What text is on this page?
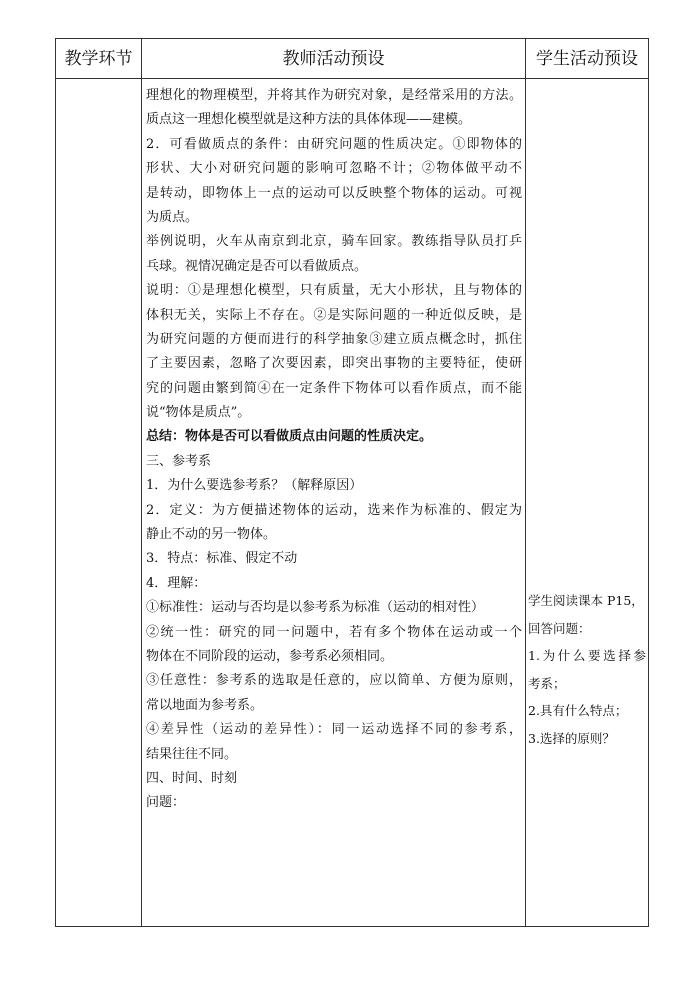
教学环节	教师活动预设	学生活动预设
理想化的物理模型，并将其作为研究对象，是经常采用的方法。
质点这一理想化模型就是这种方法的具体体现——建模。
2．可看做质点的条件：由研究问题的性质决定。①即物体的
形状、大小对研究问题的影响可忽略不计；②物体做平动不
是转动，即物体上一点的运动可以反映整个物体的运动。可视
为质点。
举例说明，火车从南京到北京，骑车回家。教练指导队员打乒
乓球。视情况确定是否可以看做质点。
说明：①是理想化模型，只有质量，无大小形状，且与物体的
体积无关，实际上不存在。②是实际问题的一种近似反映，是
为研究问题的方便而进行的科学抽象③建立质点概念时，抓住
了主要因素，忽略了次要因素，即突出事物的主要特征，使研
究的问题由繁到简④在一定条件下物体可以看作质点，而不能
说“物体是质点”。
总结：物体是否可以看做质点由问题的性质决定。
三、参考系
1．为什么要选参考系？（解释原因）
2．定义：为方便描述物体的运动，选来作为标准的、假定为
静止不动的另一物体。
3．特点：标准、假定不动
4．理解：
①标准性：运动与否均是以参考系为标准（运动的相对性）
②统一性：研究的同一问题中，若有多个物体在运动或一个
物体在不同阶段的运动，参考系必须相同。
③任意性：参考系的选取是任意的，应以简单、方便为原则，
常以地面为参考系。
④差异性（运动的差异性）：同一运动选择不同的参考系，
结果往往不同。
四、时间、时刻
问题：
学生阅读课本 P15，
回答问题：
1.为什么要选择参
考系；
2.具有什么特点；
3.选择的原则？
